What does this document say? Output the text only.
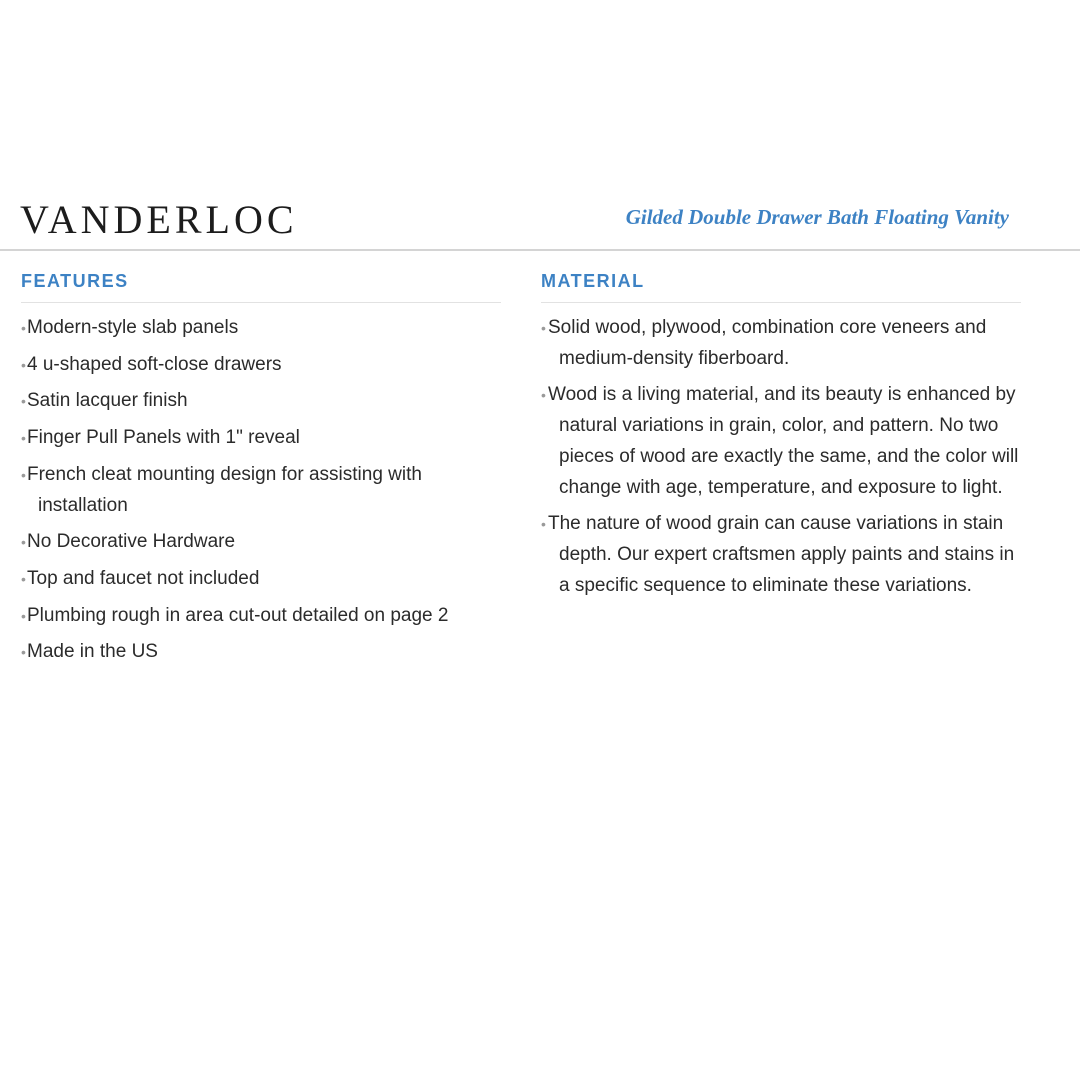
VANDERLOC	Gilded Double Drawer Bath Floating Vanity
FEATURES
• Modern-style slab panels
• 4 u-shaped soft-close drawers
• Satin lacquer finish
• Finger Pull Panels with 1" reveal
• French cleat mounting design for assisting with installation
• No Decorative Hardware
• Top and faucet not included
• Plumbing rough in area cut-out detailed on page 2
• Made in the US
MATERIAL
• Solid wood, plywood, combination core veneers and medium-density fiberboard.
• Wood is a living material, and its beauty is enhanced by natural variations in grain, color, and pattern. No two pieces of wood are exactly the same, and the color will change with age, temperature, and exposure to light.
• The nature of wood grain can cause variations in stain depth. Our expert craftsmen apply paints and stains in a specific sequence to eliminate these variations.
